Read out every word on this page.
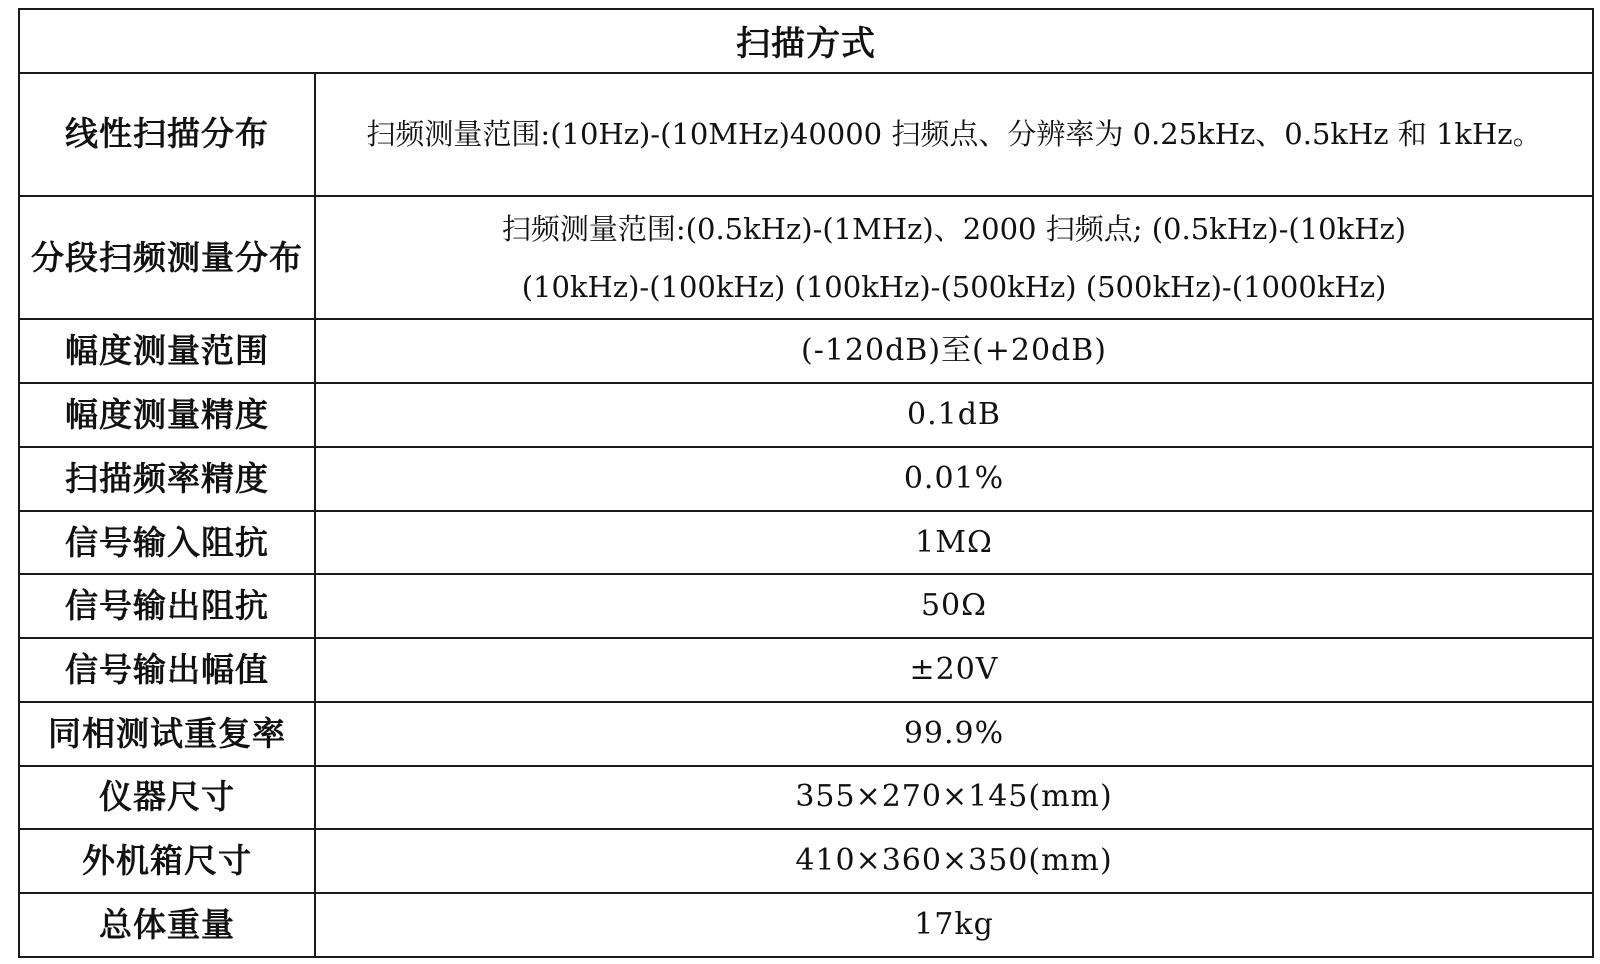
扫描方式	
线性扫描分布	扫频测量范围:(10Hz)-(10MHz)40000 扫频点、分辨率为 0.25kHz、0.5kHz 和 1kHz。
分段扫频测量分布	扫频测量范围:(0.5kHz)-(1MHz)、2000 扫频点; (0.5kHz)-(10kHz)
(10kHz)-(100kHz) (100kHz)-(500kHz) (500kHz)-(1000kHz)

幅度测量范围	(-120dB)至(+20dB)
幅度测量精度	0.1dB
扫描频率精度	0.01%
信号输入阻抗	1MΩ
信号输出阻抗	50Ω
信号输出幅值	±20V
同相测试重复率	99.9%
仪器尺寸	355×270×145(mm)
外机箱尺寸	410×360×350(mm)
总体重量	17kg
